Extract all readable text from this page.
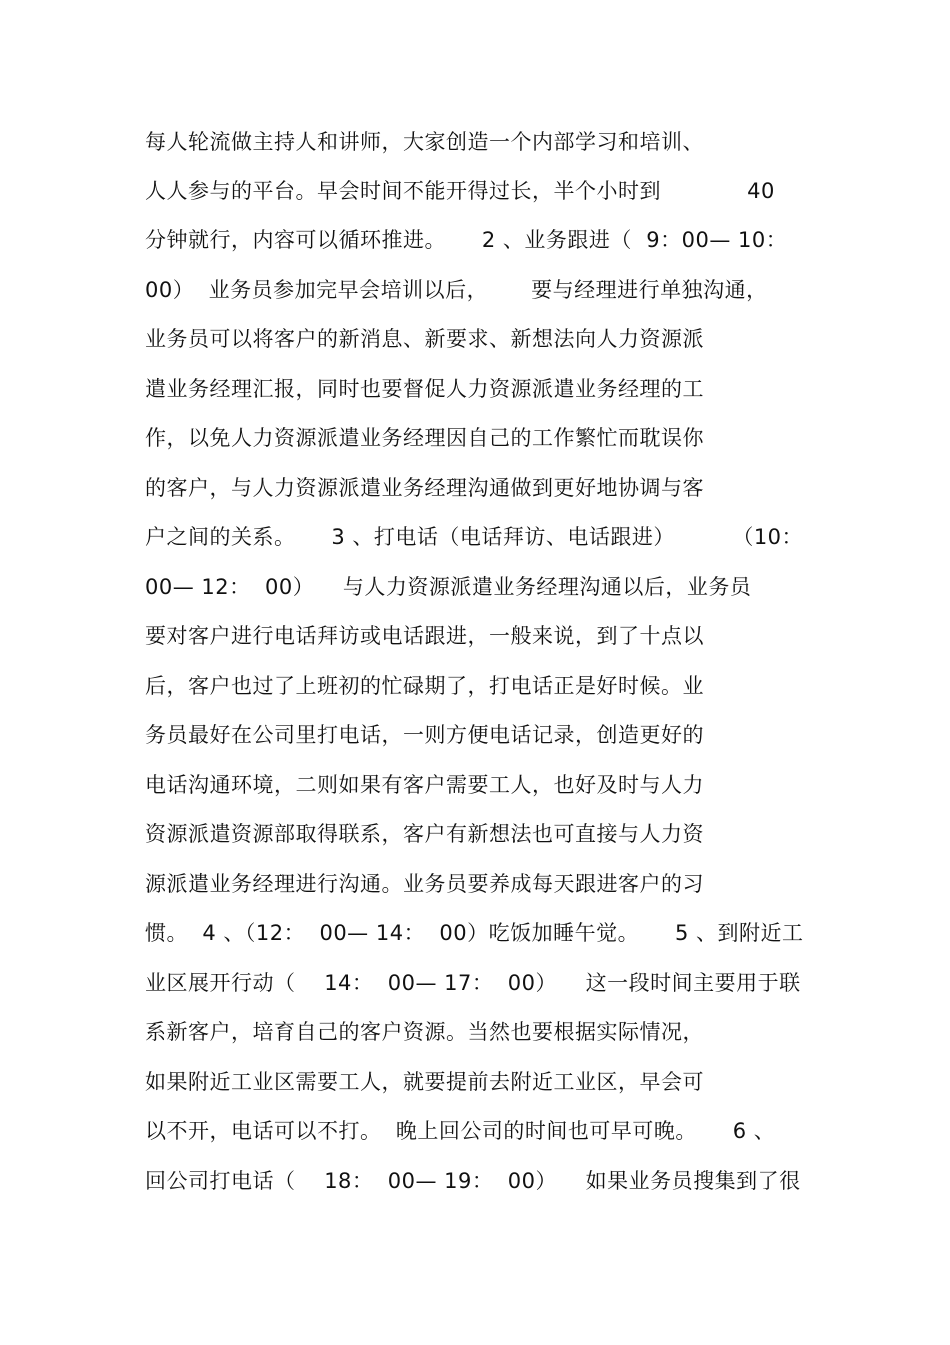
每人轮流做主持人和讲师，大家创造一个内部学习和培训、
人人参与的平台。早会时间不能开得过长，半个小时到            40
分钟就行，内容可以循环推进。     2 、业务跟进（  9：00— 10：
00）  业务员参加完早会培训以后，      要与经理进行单独沟通，
业务员可以将客户的新消息、新要求、新想法向人力资源派
遣业务经理汇报，同时也要督促人力资源派遣业务经理的工
作，以免人力资源派遣业务经理因自己的工作繁忙而耽误你
的客户，与人力资源派遣业务经理沟通做到更好地协调与客
户之间的关系。     3 、打电话（电话拜访、电话跟进）        （10：
00— 12：  00）    与人力资源派遣业务经理沟通以后，业务员
要对客户进行电话拜访或电话跟进，一般来说，到了十点以
后，客户也过了上班初的忙碌期了，打电话正是好时候。业
务员最好在公司里打电话，一则方便电话记录，创造更好的
电话沟通环境，二则如果有客户需要工人，也好及时与人力
资源派遣资源部取得联系，客户有新想法也可直接与人力资
源派遣业务经理进行沟通。业务员要养成每天跟进客户的习
惯。  4 、（12：  00— 14：  00）吃饭加睡午觉。     5 、到附近工
业区展开行动（    14：  00— 17：  00）    这一段时间主要用于联
系新客户，培育自己的客户资源。当然也要根据实际情况，
如果附近工业区需要工人，就要提前去附近工业区，早会可
以不开，电话可以不打。  晚上回公司的时间也可早可晚。     6 、
回公司打电话（    18：  00— 19：  00）    如果业务员搜集到了很
